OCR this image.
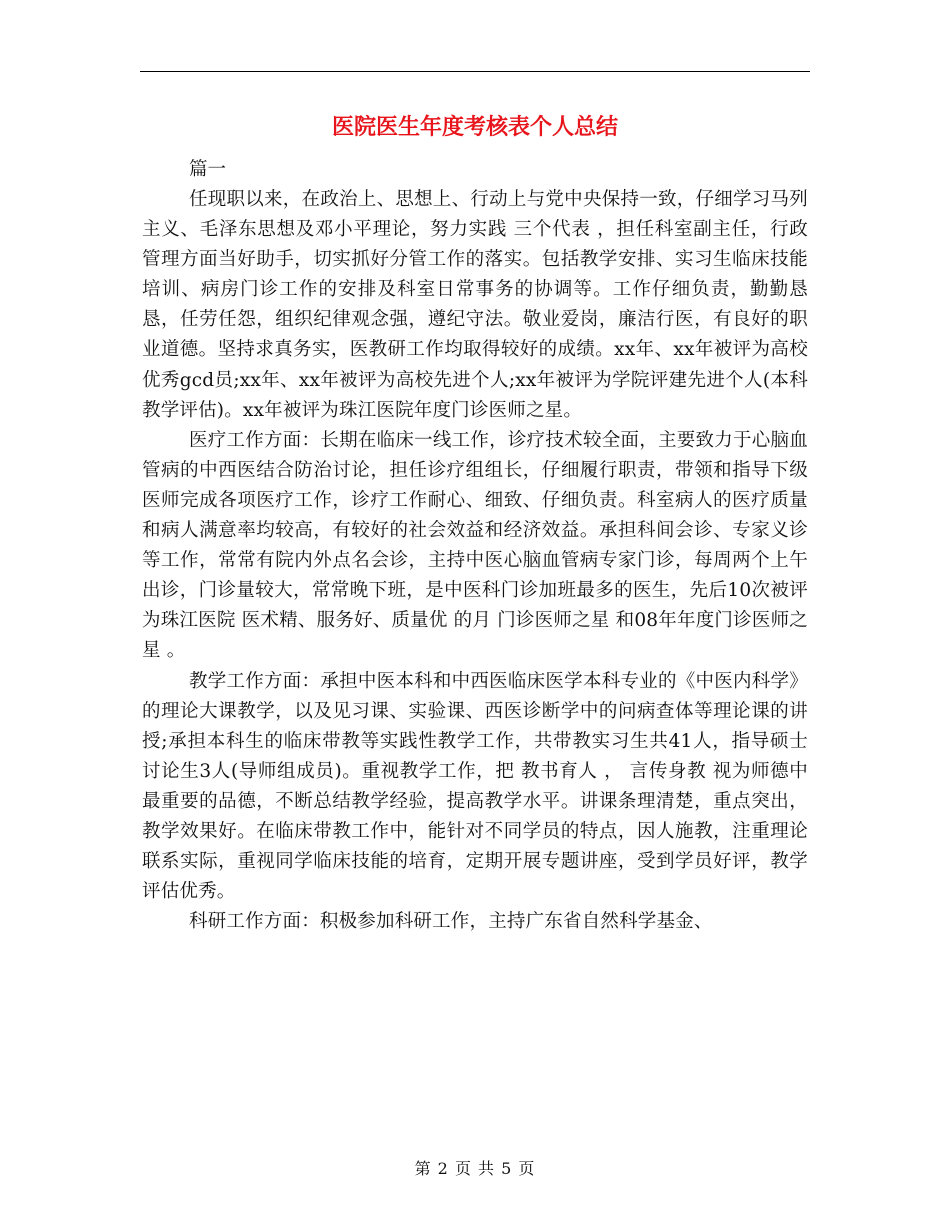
医院医生年度考核表个人总结

篇一

任现职以来，在政治上、思想上、行动上与党中央保持一致，仔细学习马列主义、毛泽东思想及邓小平理论，努力实践 三个代表 ，担任科室副主任，行政管理方面当好助手，切实抓好分管工作的落实。包括教学安排、实习生临床技能培训、病房门诊工作的安排及科室日常事务的协调等。工作仔细负责，勤勤恳恳，任劳任怨，组织纪律观念强，遵纪守法。敬业爱岗，廉洁行医，有良好的职业道德。坚持求真务实，医教研工作均取得较好的成绩。xx年、xx年被评为高校优秀gcd员;xx年、xx年被评为高校先进个人;xx年被评为学院评建先进个人(本科教学评估)。xx年被评为珠江医院年度门诊医师之星。

医疗工作方面：长期在临床一线工作，诊疗技术较全面，主要致力于心脑血管病的中西医结合防治讨论，担任诊疗组组长，仔细履行职责，带领和指导下级医师完成各项医疗工作，诊疗工作耐心、细致、仔细负责。科室病人的医疗质量和病人满意率均较高，有较好的社会效益和经济效益。承担科间会诊、专家义诊等工作，常常有院内外点名会诊，主持中医心脑血管病专家门诊，每周两个上午出诊，门诊量较大，常常晚下班，是中医科门诊加班最多的医生，先后10次被评为珠江医院 医术精、服务好、质量优 的月 门诊医师之星 和08年年度门诊医师之星 。

教学工作方面：承担中医本科和中西医临床医学本科专业的《中医内科学》的理论大课教学，以及见习课、实验课、西医诊断学中的问病查体等理论课的讲授;承担本科生的临床带教等实践性教学工作，共带教实习生共41人，指导硕士讨论生3人(导师组成员)。重视教学工作，把 教书育人 ， 言传身教 视为师德中最重要的品德，不断总结教学经验，提高教学水平。讲课条理清楚，重点突出，教学效果好。在临床带教工作中，能针对不同学员的特点，因人施教，注重理论联系实际，重视同学临床技能的培育，定期开展专题讲座，受到学员好评，教学评估优秀。

科研工作方面：积极参加科研工作，主持广东省自然科学基金、

第 2 页 共 5 页
